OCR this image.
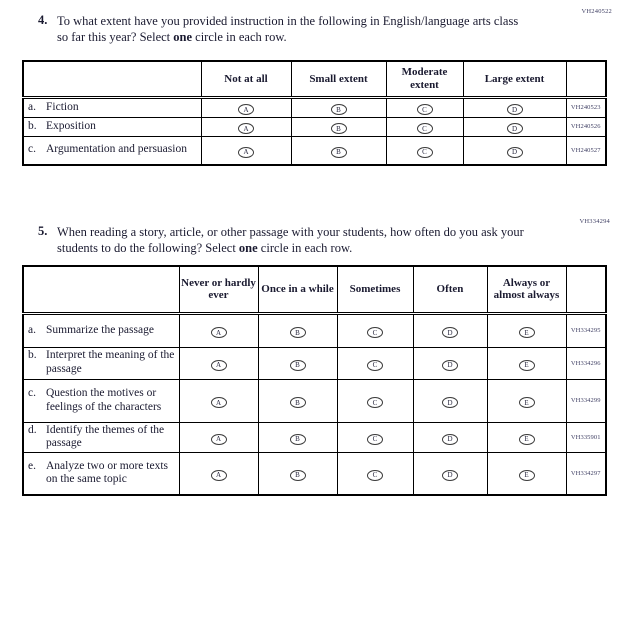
VH240522
4. To what extent have you provided instruction in the following in English/language arts class so far this year? Select one circle in each row.

	Not at all	Small extent	Moderate extent	Large extent	

a. Fiction	A	B	C	D	VH240523

b. Exposition	A	B	C	D	VH240526

c. Argumentation and persuasion	A	B	C	D	VH240527
VH334294
5. When reading a story, article, or other passage with your students, how often do you ask your students to do the following? Select one circle in each row.

	Never or hardly ever	Once in a while	Sometimes	Often	Always or almost always	

a. Summarize the passage	A	B	C	D	E	VH334295

b. Interpret the meaning of the passage	A	B	C	D	E	VH334296

c. Question the motives or feelings of the characters	A	B	C	D	E	VH334299

d. Identify the themes of the passage	A	B	C	D	E	VH335901

e. Analyze two or more texts on the same topic	A	B	C	D	E	VH334297
